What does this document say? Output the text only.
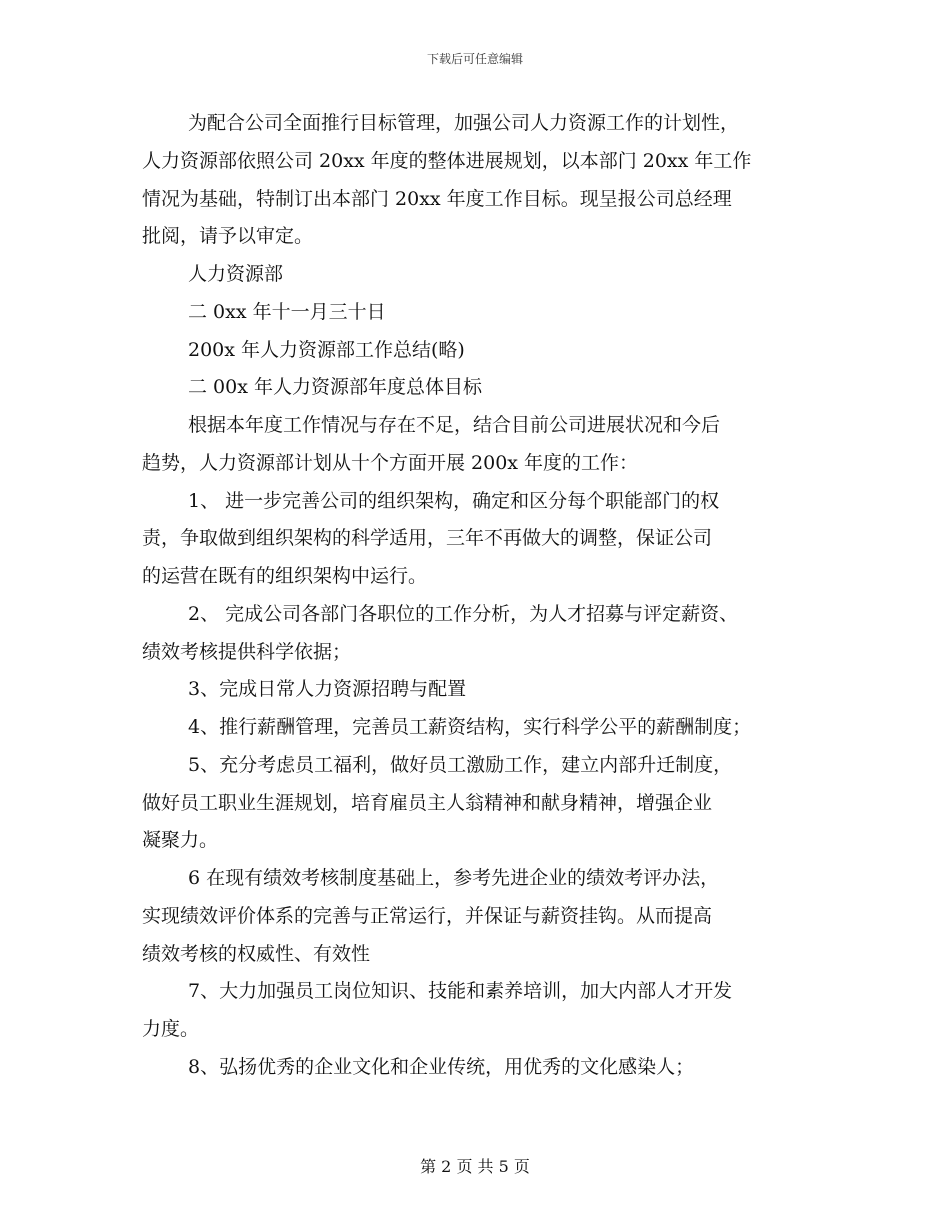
下载后可任意编辑
为配合公司全面推行目标管理，加强公司人力资源工作的计划性，
人力资源部依照公司 20xx 年度的整体进展规划，以本部门 20xx 年工作
情况为基础，特制订出本部门 20xx 年度工作目标。现呈报公司总经理
批阅，请予以审定。
人力资源部
二 0xx 年十一月三十日
200x 年人力资源部工作总结(略)
二 00x 年人力资源部年度总体目标
根据本年度工作情况与存在不足，结合目前公司进展状况和今后
趋势，人力资源部计划从十个方面开展 200x 年度的工作：
1、 进一步完善公司的组织架构，确定和区分每个职能部门的权
责，争取做到组织架构的科学适用，三年不再做大的调整，保证公司
的运营在既有的组织架构中运行。
2、 完成公司各部门各职位的工作分析，为人才招募与评定薪资、
绩效考核提供科学依据；
3、完成日常人力资源招聘与配置
4、推行薪酬管理，完善员工薪资结构，实行科学公平的薪酬制度；
5、充分考虑员工福利，做好员工激励工作，建立内部升迁制度，
做好员工职业生涯规划，培育雇员主人翁精神和献身精神，增强企业
凝聚力。
6 在现有绩效考核制度基础上，参考先进企业的绩效考评办法，
实现绩效评价体系的完善与正常运行，并保证与薪资挂钩。从而提高
绩效考核的权威性、有效性
7、大力加强员工岗位知识、技能和素养培训，加大内部人才开发
力度。
8、弘扬优秀的企业文化和企业传统，用优秀的文化感染人；
第 2 页 共 5 页
